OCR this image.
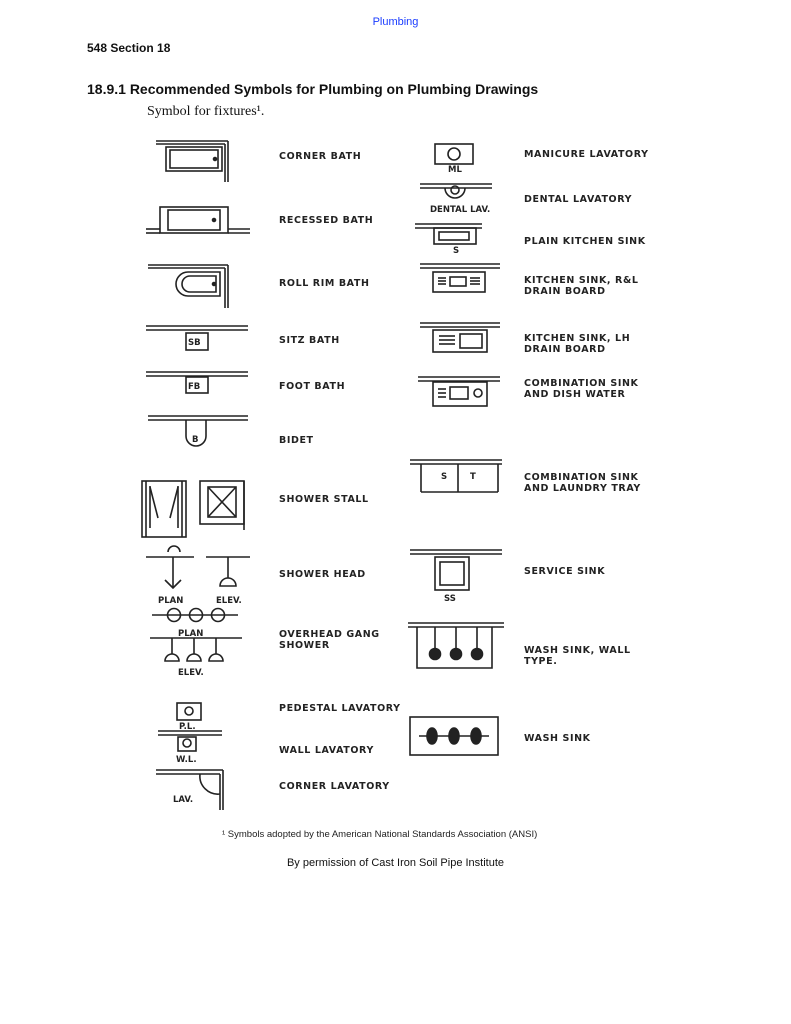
Plumbing
548 Section 18
18.9.1 Recommended Symbols for Plumbing on Plumbing Drawings
Symbol for fixtures¹.
SB
FB
B
PLAN	ELEV.
PLAN
ELEV.
ML
DENTAL LAV.
S
S	T
SS
P.L.
W.L.
LAV.
CORNER BATH
RECESSED BATH
ROLL RIM BATH
SITZ BATH
FOOT BATH
BIDET
SHOWER STALL
SHOWER HEAD
OVERHEAD GANG
SHOWER
PEDESTAL LAVATORY
WALL LAVATORY
CORNER LAVATORY
MANICURE LAVATORY
DENTAL LAVATORY
PLAIN KITCHEN SINK
KITCHEN SINK, R&L
DRAIN BOARD
KITCHEN SINK, LH
DRAIN BOARD
COMBINATION SINK
AND DISH WATER
COMBINATION SINK
AND LAUNDRY TRAY
SERVICE SINK
WASH SINK, WALL
TYPE.
WASH SINK
¹ Symbols adopted by the American National Standards Association (ANSI)
By permission of Cast Iron Soil Pipe Institute
